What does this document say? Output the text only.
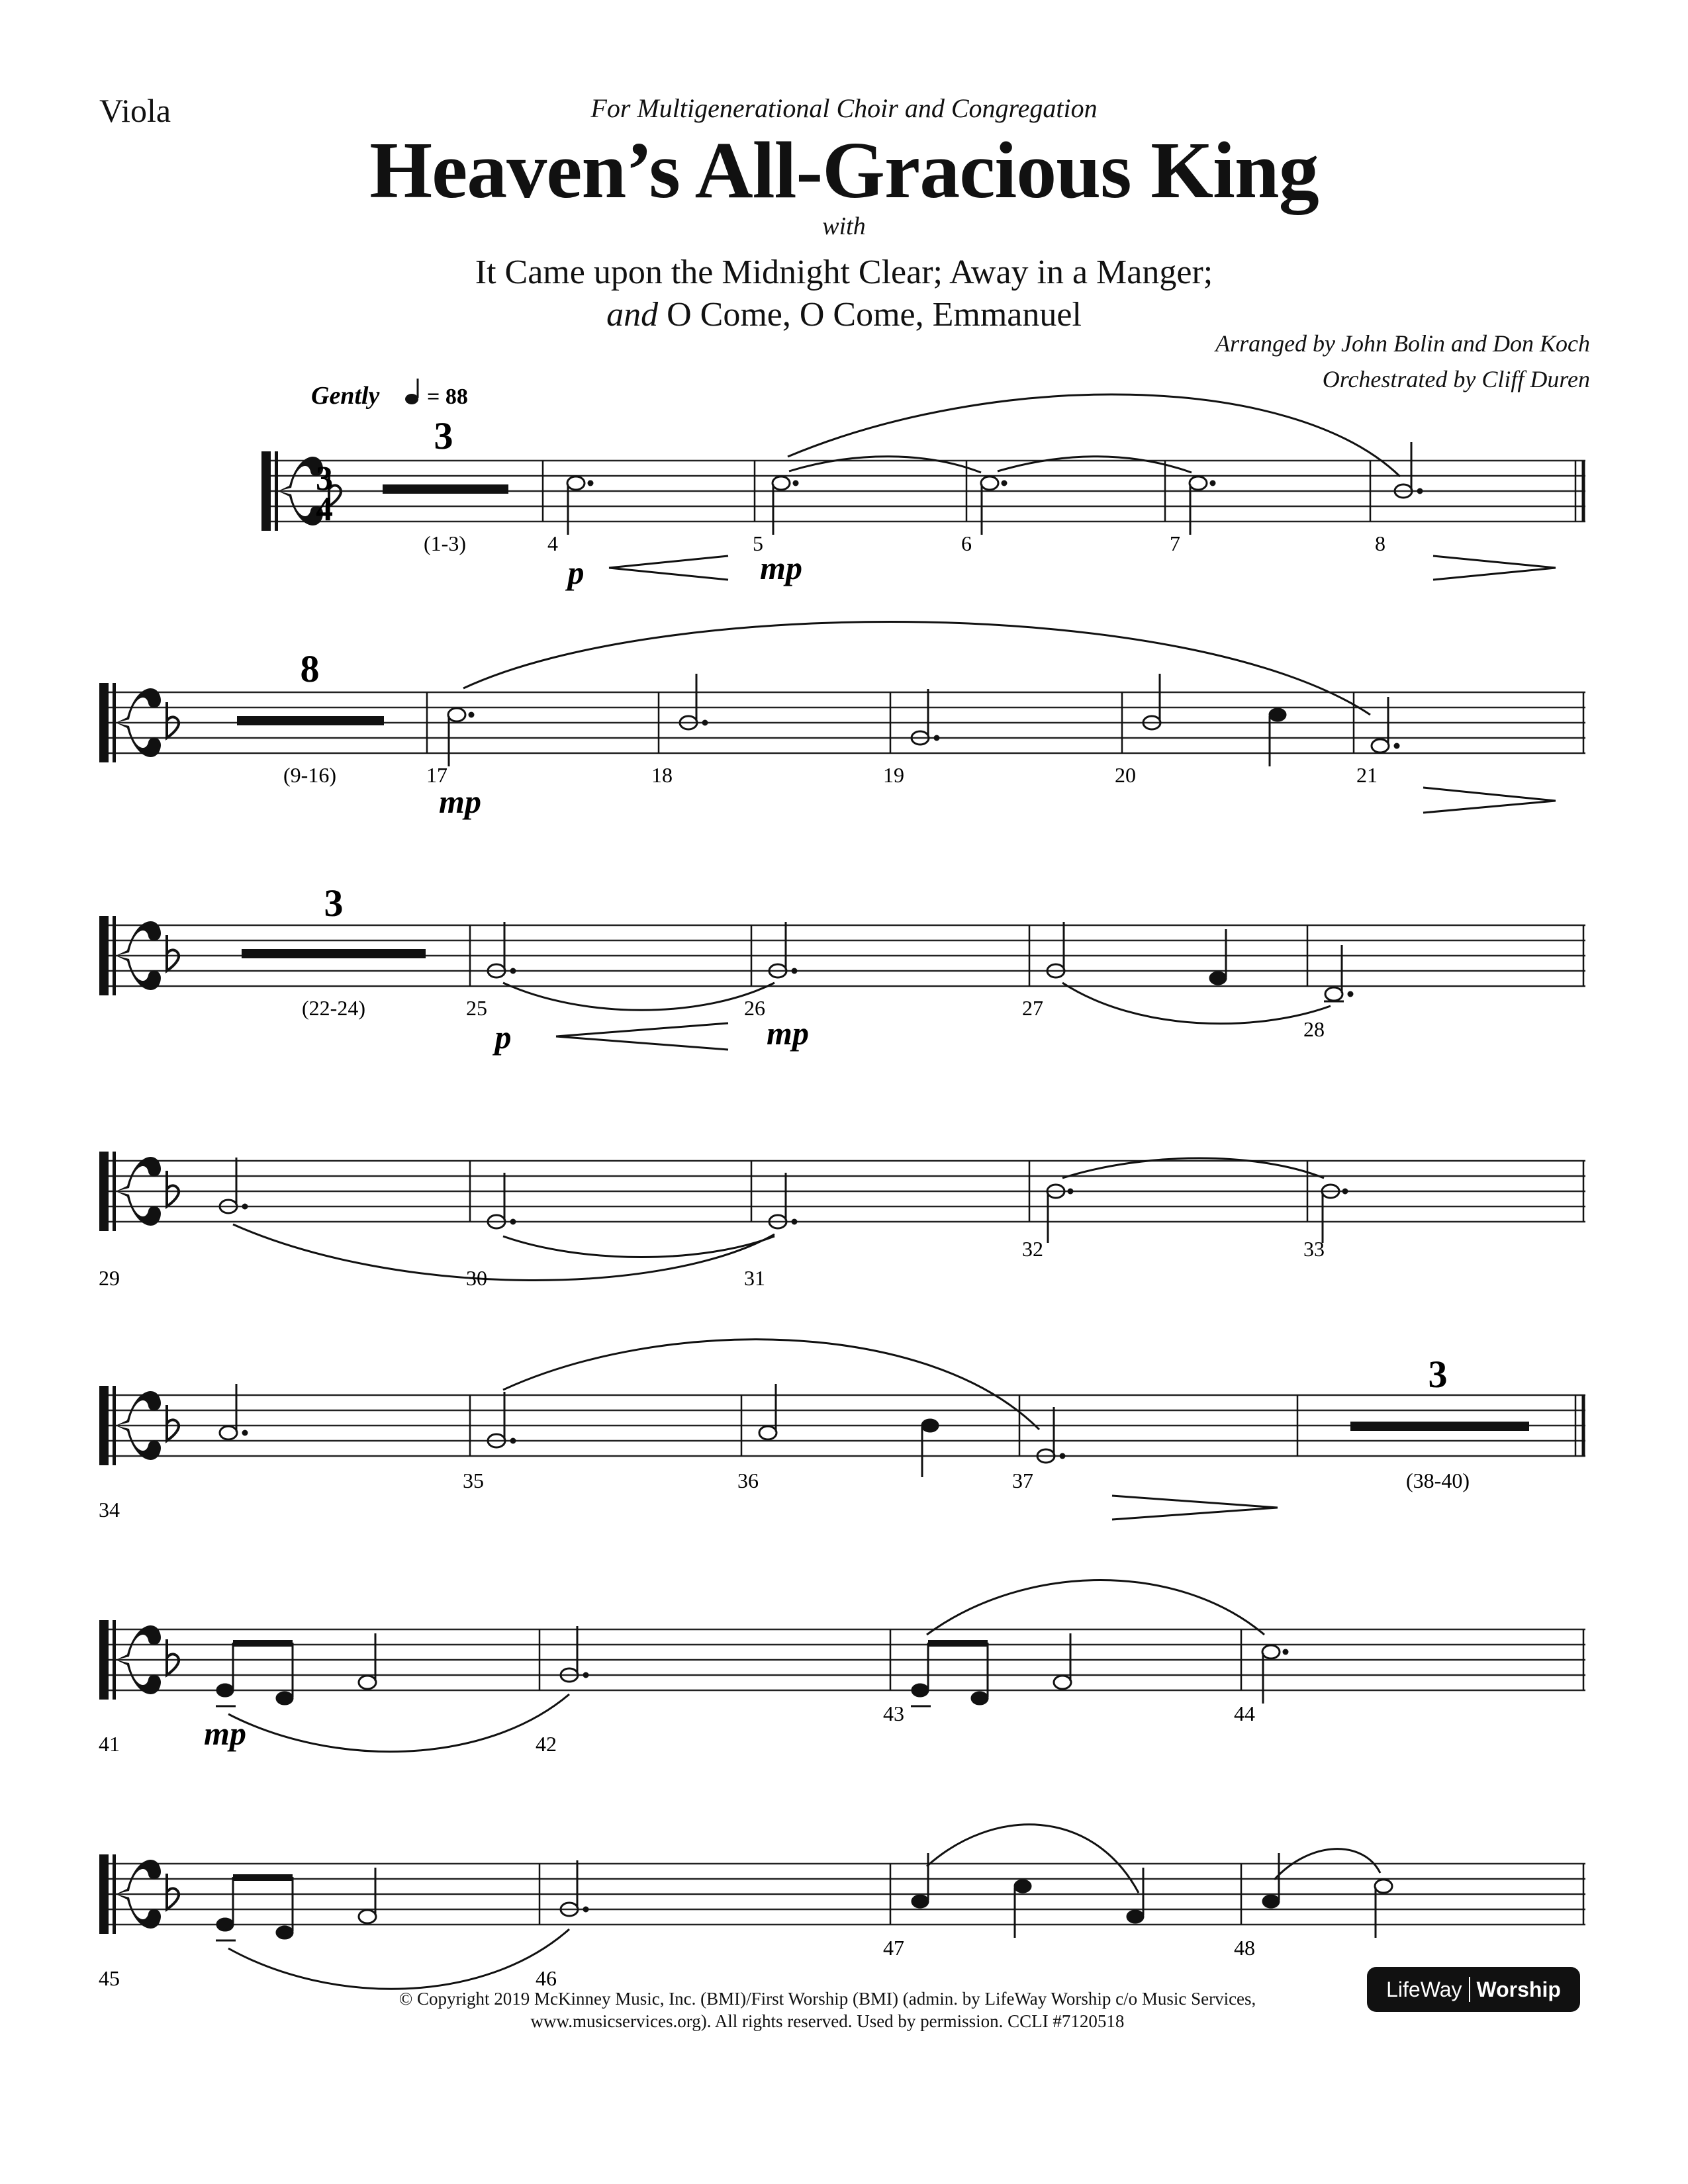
Viola	For Multigenerational Choir and Congregation
Heaven’s All-Gracious King
with
It Came upon the Midnight Clear; Away in a Manger;
and O Come, O Come, Emmanuel
Arranged by John Bolin and Don Koch
Orchestrated by Cliff Duren
3
4
Gently = 88
3
(1-3)	4	5	6	7	8
p	mp
8
(9-16)	17	18	19	20	21
mp
3
(22-24)	25	26	27
28
p	mp
29	30	31
32	33
3
34
35	36	37	(38-40)
41	42
43	44
mp
45	46
47	48
© Copyright 2019 McKinney Music, Inc. (BMI)/First Worship (BMI) (admin. by LifeWay Worship c/o Music Services,
www.musicservices.org). All rights reserved. Used by permission. CCLI #7120518
LifeWay Worship
